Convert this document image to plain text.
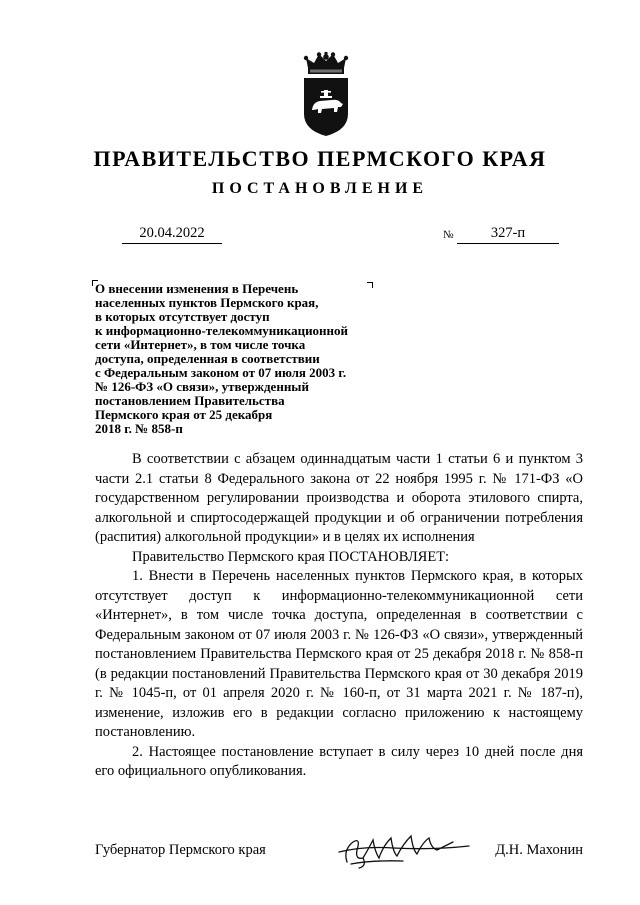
ПРАВИТЕЛЬСТВО ПЕРМСКОГО КРАЯ
ПОСТАНОВЛЕНИЕ
20.04.2022	№	327-п
О внесении изменения в Перечень
населенных пунктов Пермского края,
в которых отсутствует доступ
к информационно-телекоммуникационной
сети «Интернет», в том числе точка
доступа, определенная в соответствии
с Федеральным законом от 07 июля 2003 г.
№ 126-ФЗ «О связи», утвержденный
постановлением Правительства
Пермского края от 25 декабря
2018 г. № 858-п

В соответствии с абзацем одиннадцатым части 1 статьи 6 и пунктом 3 части 2.1 статьи 8 Федерального закона от 22 ноября 1995 г. № 171-ФЗ «О государственном регулировании производства и оборота этилового спирта, алкогольной и спиртосодержащей продукции и об ограничении потребления (распития) алкогольной продукции» и в целях их исполнения

Правительство Пермского края ПОСТАНОВЛЯЕТ:

1. Внести в Перечень населенных пунктов Пермского края, в которых отсутствует доступ к информационно-телекоммуникационной сети «Интернет», в том числе точка доступа, определенная в соответствии с Федеральным законом от 07 июля 2003 г. № 126-ФЗ «О связи», утвержденный постановлением Правительства Пермского края от 25 декабря 2018 г. № 858-п (в редакции постановлений Правительства Пермского края от 30 декабря 2019 г. № 1045-п, от 01 апреля 2020 г. № 160-п, от 31 марта 2021 г. № 187-п), изменение, изложив его в редакции согласно приложению к настоящему постановлению.

2. Настоящее постановление вступает в силу через 10 дней после дня его официального опубликования.

Губернатор Пермского края	Д.Н. Махонин
